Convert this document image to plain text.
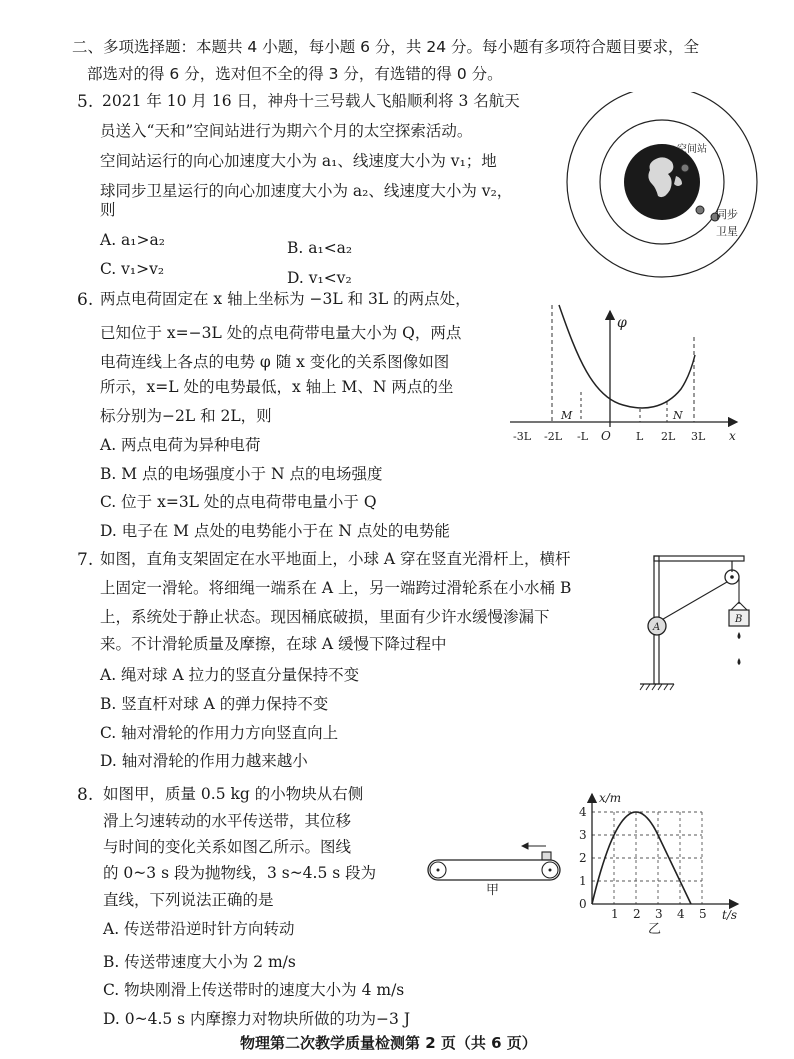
二、多项选择题：本题共 4 小题，每小题 6 分，共 24 分。每小题有多项符合题目要求，全
部选对的得 6 分，选对但不全的得 3 分，有选错的得 0 分。
5. 2021 年 10 月 16 日，神舟十三号载人飞船顺利将 3 名航天
员送入“天和”空间站进行为期六个月的太空探索活动。
空间站运行的向心加速度大小为 a₁、线速度大小为 v₁；地
球同步卫星运行的向心加速度大小为 a₂、线速度大小为 v₂，
则
A. a₁>a₂	B. a₁<a₂
C. v₁>v₂	D. v₁<v₂
空间站
同步
卫星
6. 两点电荷固定在 x 轴上坐标为 −3L 和 3L 的两点处，
已知位于 x=−3L 处的点电荷带电量大小为 Q，两点
电荷连线上各点的电势 φ 随 x 变化的关系图像如图
所示，x=L 处的电势最低，x 轴上 M、N 两点的坐
标分别为−2L 和 2L，则
A. 两点电荷为异种电荷
B. M 点的电场强度小于 N 点的电场强度
C. 位于 x=3L 处的点电荷带电量小于 Q
D. 电子在 M 点处的电势能小于在 N 点处的电势能
φ
M	N
O	x
-3L -2L -L	L 2L 3L
7. 如图，直角支架固定在水平地面上，小球 A 穿在竖直光滑杆上，横杆
上固定一滑轮。将细绳一端系在 A 上，另一端跨过滑轮系在小水桶 B
上，系统处于静止状态。现因桶底破损，里面有少许水缓慢渗漏下
来。不计滑轮质量及摩擦，在球 A 缓慢下降过程中
A. 绳对球 A 拉力的竖直分量保持不变
B. 竖直杆对球 A 的弹力保持不变
C. 轴对滑轮的作用力方向竖直向上
D. 轴对滑轮的作用力越来越小
A
B
8. 如图甲，质量 0.5 kg 的小物块从右侧
滑上匀速转动的水平传送带，其位移
与时间的变化关系如图乙所示。图线
的 0~3 s 段为抛物线，3 s~4.5 s 段为
直线，下列说法正确的是
A. 传送带沿逆时针方向转动
B. 传送带速度大小为 2 m/s
C. 物块刚滑上传送带时的速度大小为 4 m/s
D. 0~4.5 s 内摩擦力对物块所做的功为−3 J
甲
1 2 3 4 5
0
1
2
3
4
x/m
t/s
乙
物理第二次教学质量检测第 2 页（共 6 页）
